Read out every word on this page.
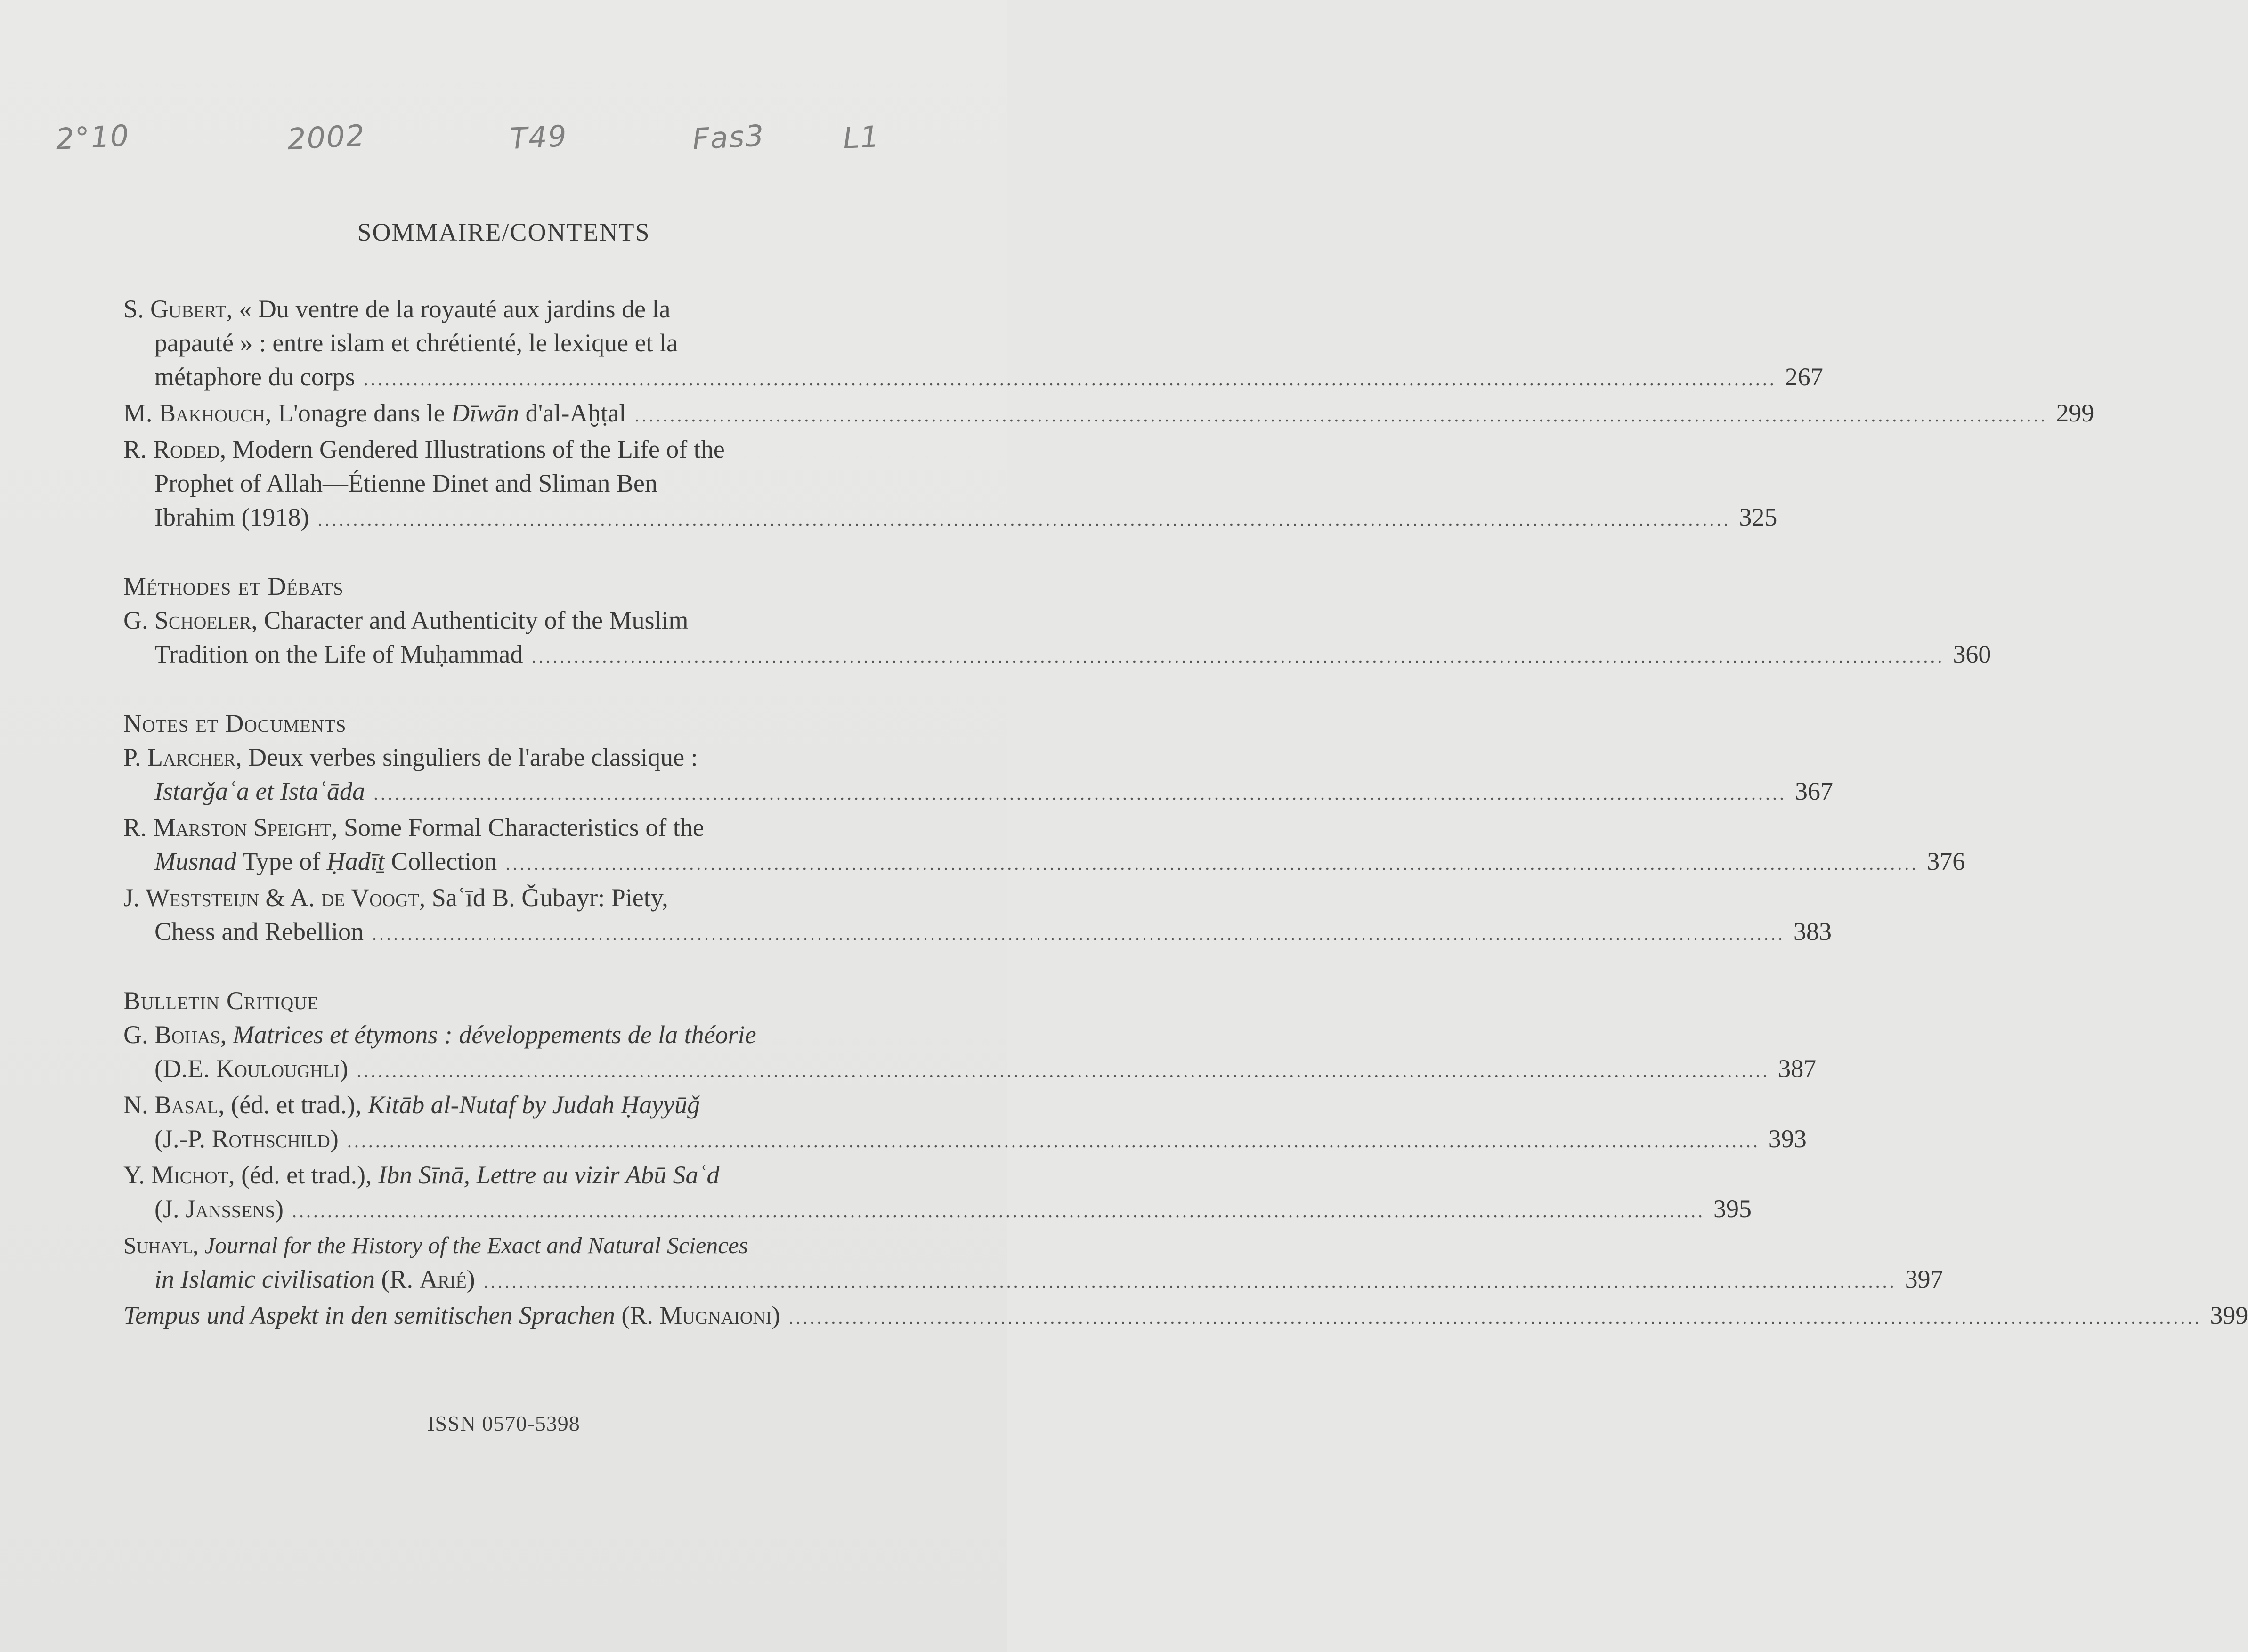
2°10	2002	T49	Fas3	L1
SOMMAIRE/CONTENTS
S. Gubert, « Du ventre de la royauté aux jardins de la
papauté » : entre islam et chrétienté, le lexique et la
métaphore du corps ........................................................................................................................................................................................................ 267
M. Bakhouch, L'onagre dans le Dīwān d'al-Aḫṭal ........................................................................................................................................................................................................ 299
R. Roded, Modern Gendered Illustrations of the Life of the
Prophet of Allah—Étienne Dinet and Sliman Ben
Ibrahim (1918) ........................................................................................................................................................................................................ 325
Méthodes et Débats
G. Schoeler, Character and Authenticity of the Muslim
Tradition on the Life of Muḥammad ........................................................................................................................................................................................................ 360
Notes et Documents
P. Larcher, Deux verbes singuliers de l'arabe classique :
Istarǧaʿa et Istaʿāda ........................................................................................................................................................................................................ 367
R. Marston Speight, Some Formal Characteristics of the
Musnad Type of Ḥadīṯ Collection ........................................................................................................................................................................................................ 376
J. Weststeijn & A. de Voogt, Saʿīd B. Ǧubayr: Piety,
Chess and Rebellion ........................................................................................................................................................................................................ 383
Bulletin Critique
G. Bohas, Matrices et étymons : développements de la théorie
(D.E. Kouloughli) ........................................................................................................................................................................................................ 387
N. Basal, (éd. et trad.), Kitāb al-Nutaf by Judah Ḥayyūǧ
(J.-P. Rothschild) ........................................................................................................................................................................................................ 393
Y. Michot, (éd. et trad.), Ibn Sīnā, Lettre au vizir Abū Saʿd
(J. Janssens) ........................................................................................................................................................................................................ 395
Suhayl, Journal for the History of the Exact and Natural Sciences
in Islamic civilisation (R. Arié) ........................................................................................................................................................................................................ 397
Tempus und Aspekt in den semitischen Sprachen (R. Mugnaioni) ........................................................................................................................................................................................................ 399
ISSN 0570-5398
